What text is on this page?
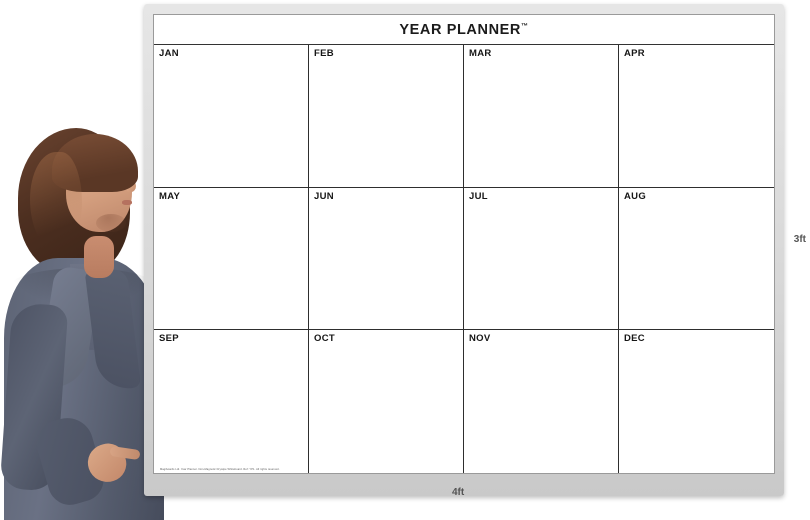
YEAR PLANNER™
JAN	FEB	MAR	APR
MAY	JUN	JUL	AUG
SEP	OCT	NOV	DEC
Magiboards Ltd. Year Planner. Non-Magnetic Drywipe Whiteboard. Ref: YP1. All rights reserved.
3ft
4ft
